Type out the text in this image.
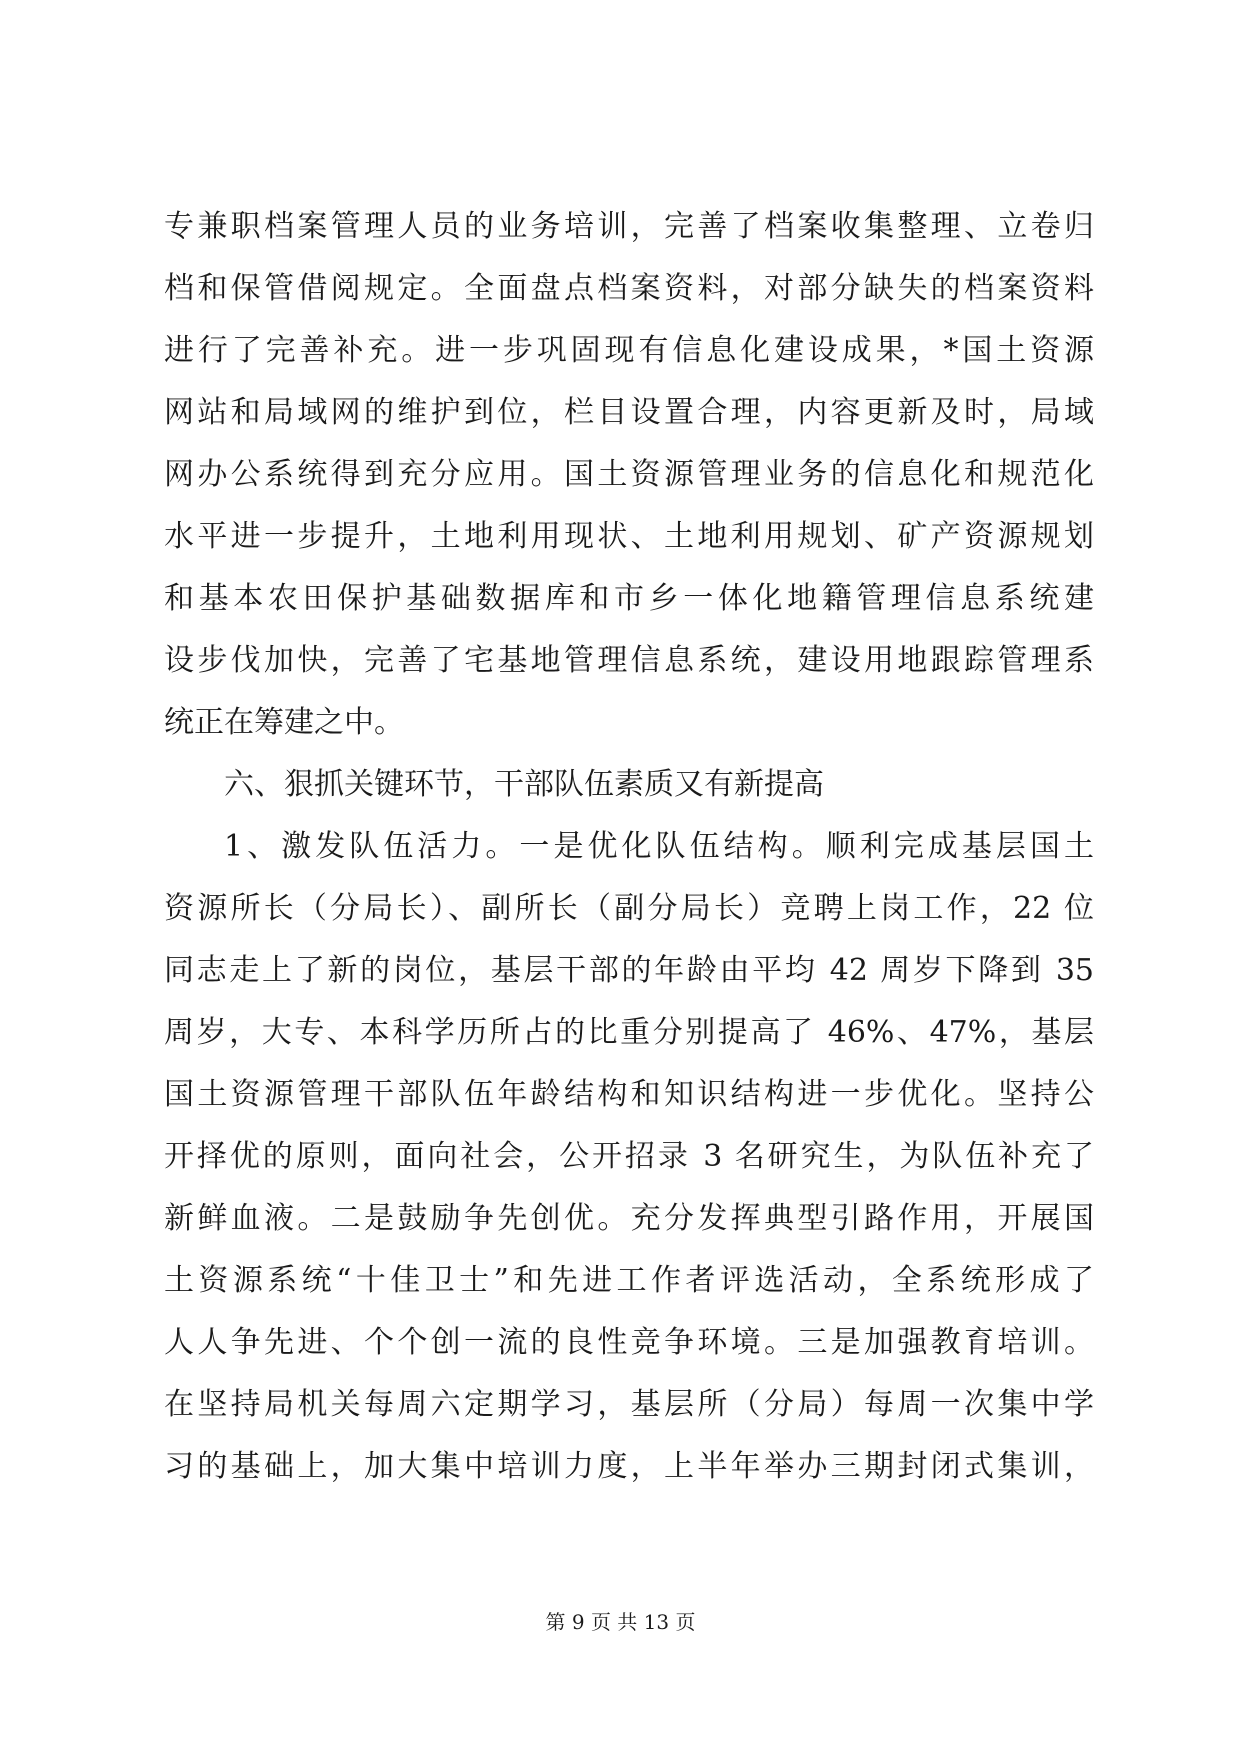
专兼职档案管理人员的业务培训，完善了档案收集整理、立卷归
档和保管借阅规定。全面盘点档案资料，对部分缺失的档案资料
进行了完善补充。进一步巩固现有信息化建设成果，*国土资源
网站和局域网的维护到位，栏目设置合理，内容更新及时，局域
网办公系统得到充分应用。国土资源管理业务的信息化和规范化
水平进一步提升，土地利用现状、土地利用规划、矿产资源规划
和基本农田保护基础数据库和市乡一体化地籍管理信息系统建
设步伐加快，完善了宅基地管理信息系统，建设用地跟踪管理系
统正在筹建之中。
六、狠抓关键环节，干部队伍素质又有新提高
1、激发队伍活力。一是优化队伍结构。顺利完成基层国土
资源所长（分局长）、副所长（副分局长）竞聘上岗工作，22 位
同志走上了新的岗位，基层干部的年龄由平均 42 周岁下降到 35
周岁，大专、本科学历所占的比重分别提高了 46%、47%，基层
国土资源管理干部队伍年龄结构和知识结构进一步优化。坚持公
开择优的原则，面向社会，公开招录 3 名研究生，为队伍补充了
新鲜血液。二是鼓励争先创优。充分发挥典型引路作用，开展国
土资源系统“十佳卫士”和先进工作者评选活动，全系统形成了
人人争先进、个个创一流的良性竞争环境。三是加强教育培训。
在坚持局机关每周六定期学习，基层所（分局）每周一次集中学
习的基础上，加大集中培训力度，上半年举办三期封闭式集训，
第 9 页 共 13 页
